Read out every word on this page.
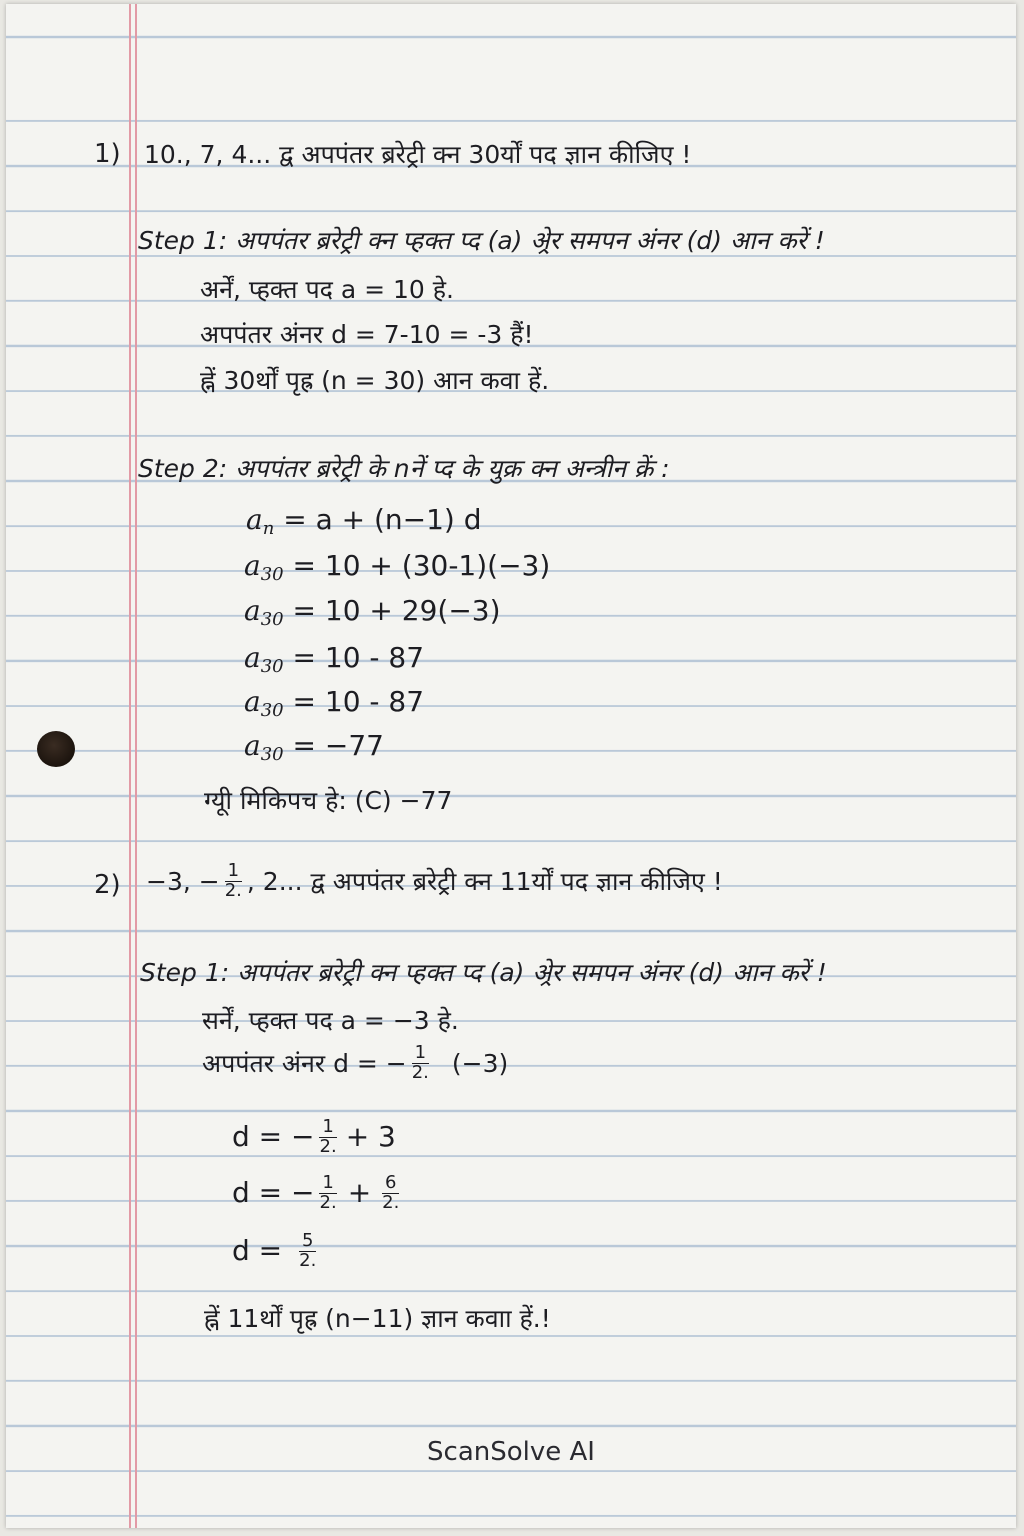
1) 10., 7, 4... द्व अपपंतर ब्ररेट्री क्न 30र्यों पद ज्ञान कीजिए !
Step 1: अपपंतर ब्ररेट्री क्न प्हक्त प्द (a) अ्रेर समपन अंनर (d) आन करें !
अर्नें, प्हक्त पद a = 10 हे.
अपपंतर अंनर d = 7-10 = -3 हैं!
ह्नें 30र्थों पृह्र (n = 30) आन कवा हें.
Step 2: अपपंतर ब्ररेट्री के nनें प्द के युक्र क्न अन्त्रीन क्रें :
$a_n = a + (n-1)$ d
$a_{30} = 10 + (30-1)(-3)$
$a_{30} = 10 + 29(-3)$
$a_{30} = 10 - 87$
$a_{30} = 10 - 87$
$a_{30} = -77$
ग्यूी मिकिपच हे: (C) −77
2) −3, − $\frac{1}{2.}$ , 2... द्व अपपंतर ब्ररेट्री क्न 11र्यों पद ज्ञान कीजिए !
Step 1: अपपंतर ब्ररेट्री क्न प्हक्त प्द (a) अ्रेर समपन अंनर (d) आन करें !
सर्नें, प्हक्त पद a = −3 हे.
अपपंतर अंनर d = − $\frac{1}{2.} (-3)$
d = − $\frac{1}{2.} + 3$
d = − $\frac{1}{2.} + \frac{6}{2.}$
$d = \frac{5}{2.}$
ह्नें 11र्थों पृह्र (n−11) ज्ञान कवाा हें.!
ScanSolve AI
